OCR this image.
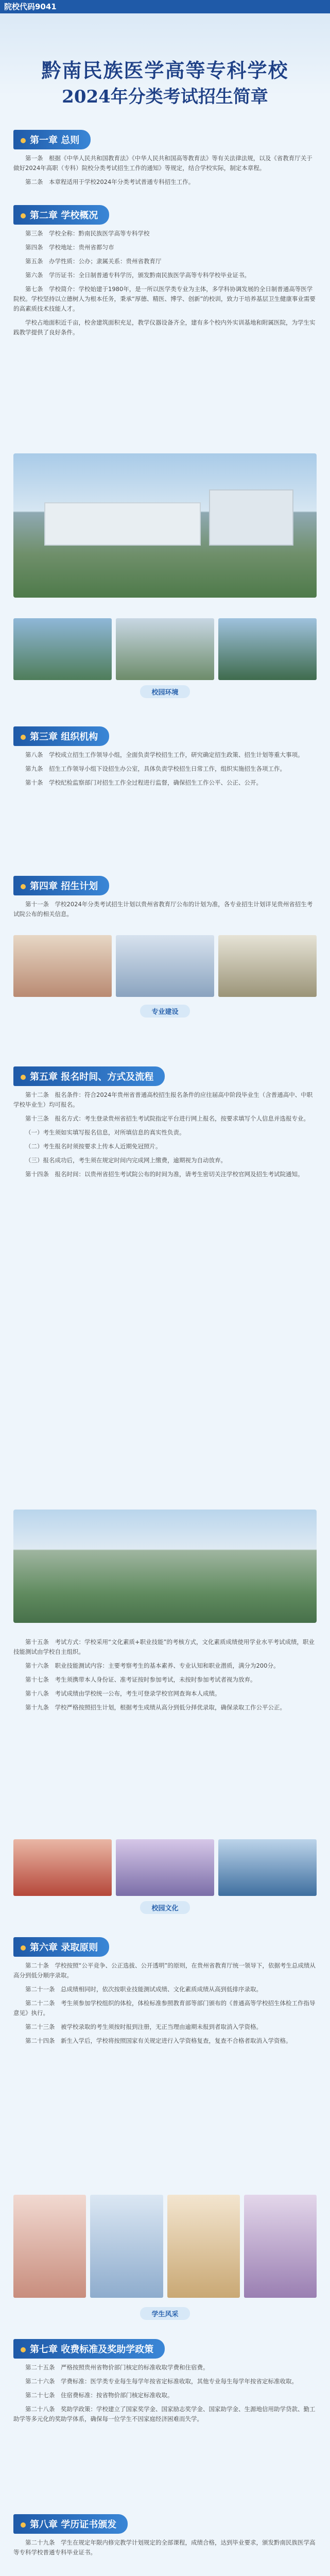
院校代码9041
黔南民族医学高等专科学校
2024年分类考试招生简章
第一章 总则

第一条　根据《中华人民共和国教育法》《中华人民共和国高等教育法》等有关法律法规，以及《省教育厅关于做好2024年高职（专科）院校分类考试招生工作的通知》等规定，结合学校实际，制定本章程。

第二条　本章程适用于学校2024年分类考试普通专科招生工作。

第二章 学校概况

第三条　学校全称：黔南民族医学高等专科学校

第四条　学校地址：贵州省都匀市

第五条　办学性质：公办；隶属关系：贵州省教育厅

第六条　学历证书：全日制普通专科学历，颁发黔南民族医学高等专科学校毕业证书。

第七条　学校简介：学校始建于1980年，是一所以医学类专业为主体，多学科协调发展的全日制普通高等医学院校。学校坚持以立德树人为根本任务，秉承“厚德、精医、博学、创新”的校训，致力于培养基层卫生健康事业需要的高素质技术技能人才。

学校占地面积近千亩，校舍建筑面积充足，教学仪器设备齐全，建有多个校内外实训基地和附属医院，为学生实践教学提供了良好条件。

校园环境
第三章 组织机构

第八条　学校成立招生工作领导小组，全面负责学校招生工作，研究确定招生政策、招生计划等重大事项。

第九条　招生工作领导小组下设招生办公室，具体负责学校招生日常工作，组织实施招生各项工作。

第十条　学校纪检监察部门对招生工作全过程进行监督，确保招生工作公平、公正、公开。

第四章 招生计划

第十一条　学校2024年分类考试招生计划以贵州省教育厅公布的计划为准，各专业招生计划详见贵州省招生考试院公布的相关信息。

专业建设
第五章 报名时间、方式及流程

第十二条　报名条件：符合2024年贵州省普通高校招生报名条件的应往届高中阶段毕业生（含普通高中、中职学校毕业生）均可报名。

第十三条　报名方式：考生登录贵州省招生考试院指定平台进行网上报名，按要求填写个人信息并选报专业。

（一）考生须如实填写报名信息，对所填信息的真实性负责。

（二）考生报名时须按要求上传本人近期免冠照片。

（三）报名成功后，考生须在规定时间内完成网上缴费，逾期视为自动放弃。

第十四条　报名时间：以贵州省招生考试院公布的时间为准，请考生密切关注学校官网及招生考试院通知。

第十五条　考试方式：学校采用“文化素质+职业技能”的考核方式，文化素质成绩使用学业水平考试成绩，职业技能测试由学校自主组织。

第十六条　职业技能测试内容：主要考察考生的基本素养、专业认知和职业潜质，满分为200分。

第十七条　考生须携带本人身份证、准考证按时参加考试，未按时参加考试者视为放弃。

第十八条　考试成绩由学校统一公布，考生可登录学校官网查询本人成绩。

第十九条　学校严格按照招生计划，根据考生成绩从高分到低分择优录取，确保录取工作公平公正。

校园文化
第六章 录取原则

第二十条　学校按照“公平竞争、公正选拔、公开透明”的原则，在贵州省教育厅统一领导下，依据考生总成绩从高分到低分顺序录取。

第二十一条　总成绩相同时，依次按职业技能测试成绩、文化素质成绩从高到低排序录取。

第二十二条　考生须参加学校组织的体检，体检标准参照教育部等部门颁布的《普通高等学校招生体检工作指导意见》执行。

第二十三条　被学校录取的考生须按时报到注册，无正当理由逾期未报到者取消入学资格。

第二十四条　新生入学后，学校将按照国家有关规定进行入学资格复查，复查不合格者取消入学资格。

学生风采
第七章 收费标准及奖助学政策

第二十五条　严格按照贵州省物价部门核定的标准收取学费和住宿费。

第二十六条　学费标准：医学类专业每生每学年按省定标准收取，其他专业每生每学年按省定标准收取。

第二十七条　住宿费标准：按省物价部门核定标准收取。

第二十八条　奖助学政策：学校建立了国家奖学金、国家励志奖学金、国家助学金、生源地信用助学贷款、勤工助学等多元化的奖助学体系，确保每一位学生不因家庭经济困难而失学。

第八章 学历证书颁发

第二十九条　学生在规定年限内修完教学计划规定的全部课程，成绩合格，达到毕业要求，颁发黔南民族医学高等专科学校普通专科毕业证书。
